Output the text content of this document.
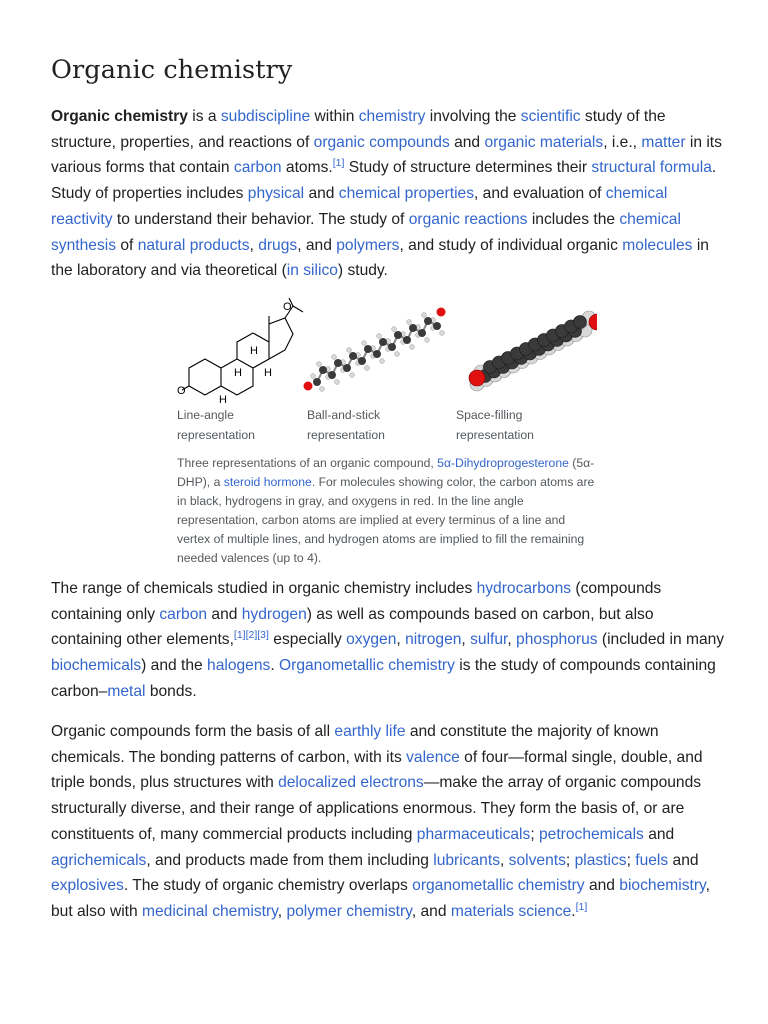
Organic chemistry

Organic chemistry is a subdiscipline within chemistry involving the scientific study of the structure, properties, and reactions of organic compounds and organic materials, i.e., matter in its various forms that contain carbon atoms.[1] Study of structure determines their structural formula. Study of properties includes physical and chemical properties, and evaluation of chemical reactivity to understand their behavior. The study of organic reactions includes the chemical synthesis of natural products, drugs, and polymers, and study of individual organic molecules in the laboratory and via theoretical (in silico) study.

O
O
H
H H
H
Line-angle representation
Ball-and-stick representation
Space-filling representation
Three representations of an organic compound, 5α-Dihydroprogesterone (5α-DHP), a steroid hormone. For molecules showing color, the carbon atoms are in black, hydrogens in gray, and oxygens in red. In the line angle representation, carbon atoms are implied at every terminus of a line and vertex of multiple lines, and hydrogen atoms are implied to fill the remaining needed valences (up to 4).

The range of chemicals studied in organic chemistry includes hydrocarbons (compounds containing only carbon and hydrogen) as well as compounds based on carbon, but also containing other elements,[1][2][3] especially oxygen, nitrogen, sulfur, phosphorus (included in many biochemicals) and the halogens. Organometallic chemistry is the study of compounds containing carbon–metal bonds.

Organic compounds form the basis of all earthly life and constitute the majority of known chemicals. The bonding patterns of carbon, with its valence of four—formal single, double, and triple bonds, plus structures with delocalized electrons—make the array of organic compounds structurally diverse, and their range of applications enormous. They form the basis of, or are constituents of, many commercial products including pharmaceuticals; petrochemicals and agrichemicals, and products made from them including lubricants, solvents; plastics; fuels and explosives. The study of organic chemistry overlaps organometallic chemistry and biochemistry, but also with medicinal chemistry, polymer chemistry, and materials science.[1]
